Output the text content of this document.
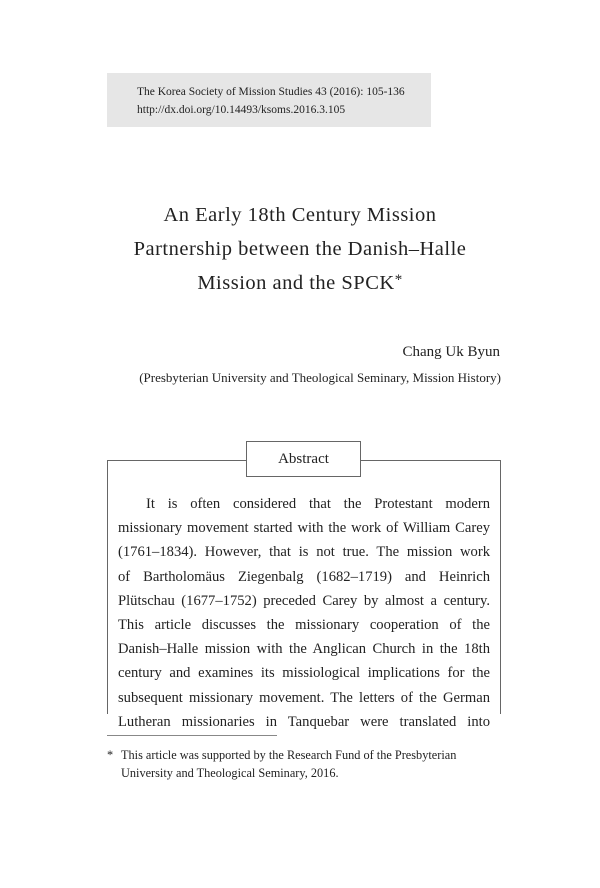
The Korea Society of Mission Studies 43 (2016): 105-136
http://dx.doi.org/10.14493/ksoms.2016.3.105
An Early 18th Century Mission
Partnership between the Danish–Halle
Mission and the SPCK*
Chang Uk Byun
(Presbyterian University and Theological Seminary, Mission History)
Abstract
It is often considered that the Protestant modern
missionary movement started with the work of William Carey
(1761–1834). However, that is not true. The mission work
of Bartholomäus Ziegenbalg (1682–1719) and Heinrich
Plütschau (1677–1752) preceded Carey by almost a century.
This article discusses the missionary cooperation of the
Danish–Halle mission with the Anglican Church in the 18th
century and examines its missiological implications for the
subsequent missionary movement. The letters of the German
Lutheran missionaries in Tanquebar were translated into
* This article was supported by the Research Fund of the Presbyterian
University and Theological Seminary, 2016.
